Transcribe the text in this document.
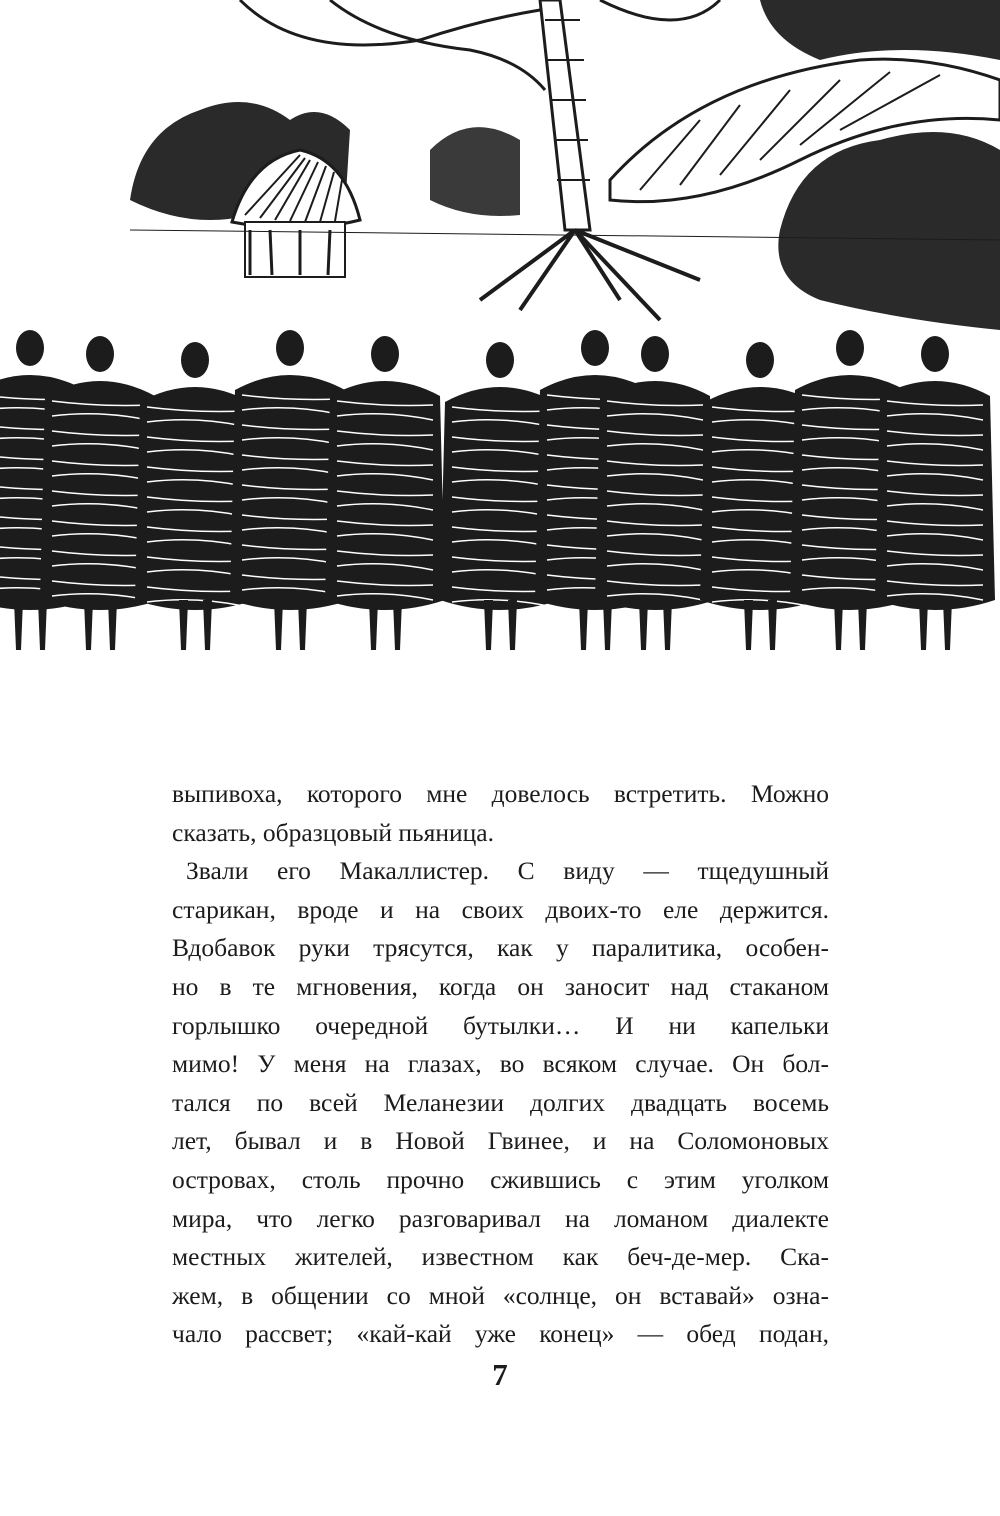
выпивоха, которого мне довелось встретить. Можно
сказать, образцовый пьяница.

Звали его Макаллистер. С виду — тщедушный
старикан, вроде и на своих двоих-то еле держится.
Вдобавок руки трясутся, как у паралитика, особен-
но в те мгновения, когда он заносит над стаканом
горлышко очередной бутылки… И ни капельки
мимо! У меня на глазах, во всяком случае. Он бол-
тался по всей Меланезии долгих двадцать восемь
лет, бывал и в Новой Гвинее, и на Соломоновых
островах, столь прочно сжившись с этим уголком
мира, что легко разговаривал на ломаном диалекте
местных жителей, известном как беч-де-мер. Ска-
жем, в общении со мной «солнце, он вставай» озна-
чало рассвет; «кай-кай уже конец» — обед подан,

7
